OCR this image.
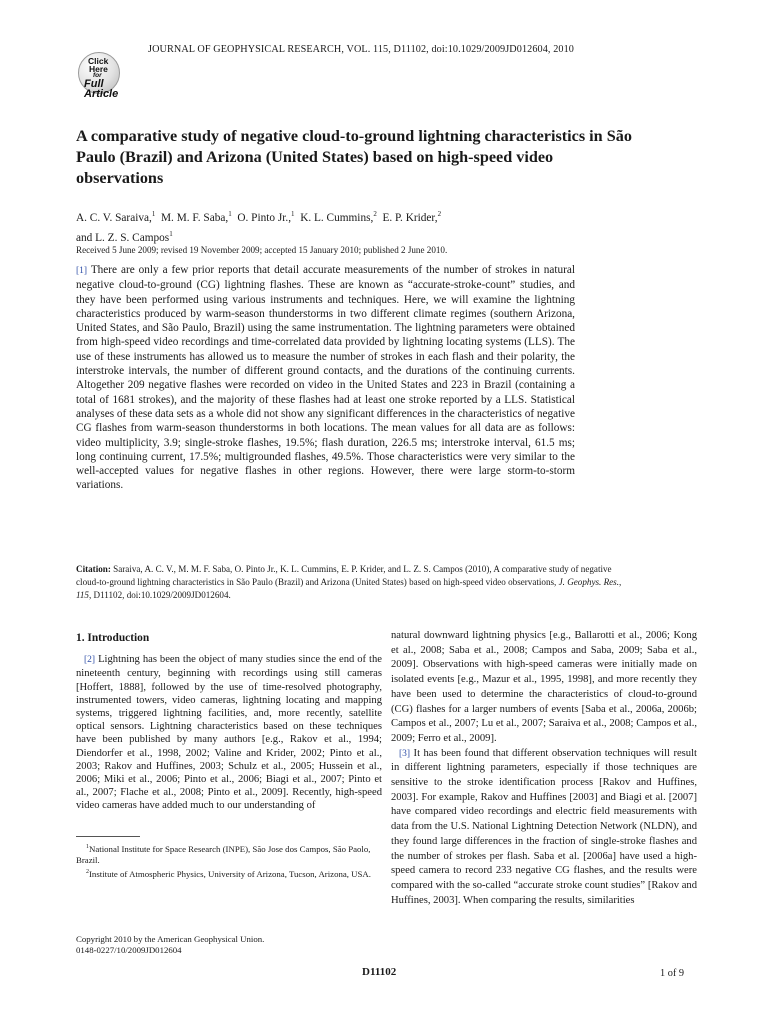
JOURNAL OF GEOPHYSICAL RESEARCH, VOL. 115, D11102, doi:10.1029/2009JD012604, 2010
Click
Here
for
Full
Article
A comparative study of negative cloud-to-ground lightning characteristics in São Paulo (Brazil) and Arizona (United States) based on high-speed video observations
A. C. V. Saraiva,$^1$ M. M. F. Saba,$^1$ O. Pinto Jr.,$^1$ K. L. Cummins,$^2$ E. P. Krider,$^2$
and L. Z. S. Campos$^1$
Received 5 June 2009; revised 19 November 2009; accepted 15 January 2010; published 2 June 2010.
[1] There are only a few prior reports that detail accurate measurements of the number of strokes in natural negative cloud-to-ground (CG) lightning flashes. These are known as “accurate-stroke-count” studies, and they have been performed using various instruments and techniques. Here, we will examine the lightning characteristics produced by warm-season thunderstorms in two different climate regimes (southern Arizona, United States, and São Paulo, Brazil) using the same instrumentation. The lightning parameters were obtained from high-speed video recordings and time-correlated data provided by lightning locating systems (LLS). The use of these instruments has allowed us to measure the number of strokes in each flash and their polarity, the interstroke intervals, the number of different ground contacts, and the durations of the continuing currents. Altogether 209 negative flashes were recorded on video in the United States and 223 in Brazil (containing a total of 1681 strokes), and the majority of these flashes had at least one stroke reported by a LLS. Statistical analyses of these data sets as a whole did not show any significant differences in the characteristics of negative CG flashes from warm-season thunderstorms in both locations. The mean values for all data are as follows: video multiplicity, 3.9; single-stroke flashes, 19.5%; flash duration, 226.5 ms; interstroke interval, 61.5 ms; long continuing current, 17.5%; multigrounded flashes, 49.5%. Those characteristics were very similar to the well-accepted values for negative flashes in other regions. However, there were large storm-to-storm variations.
Citation: Saraiva, A. C. V., M. M. F. Saba, O. Pinto Jr., K. L. Cummins, E. P. Krider, and L. Z. S. Campos (2010), A comparative study of negative cloud-to-ground lightning characteristics in São Paulo (Brazil) and Arizona (United States) based on high-speed video observations, J. Geophys. Res., 115, D11102, doi:10.1029/2009JD012604.
1. Introduction

[2] Lightning has been the object of many studies since the end of the nineteenth century, beginning with recordings using still cameras [Hoffert, 1888], followed by the use of time-resolved photography, instrumented towers, video cameras, lightning locating and mapping systems, triggered lightning facilities, and, more recently, satellite optical sensors. Lightning characteristics based on these techniques have been published by many authors [e.g., Rakov et al., 1994; Diendorfer et al., 1998, 2002; Valine and Krider, 2002; Pinto et al., 2003; Rakov and Huffines, 2003; Schulz et al., 2005; Hussein et al., 2006; Miki et al., 2006; Pinto et al., 2006; Biagi et al., 2007; Pinto et al., 2007; Flache et al., 2008; Pinto et al., 2009]. Recently, high-speed video cameras have added much to our understanding of

$^1$National Institute for Space Research (INPE), São Jose dos Campos, São Paolo, Brazil.
$^2$Institute of Atmospheric Physics, University of Arizona, Tucson, Arizona, USA.
Copyright 2010 by the American Geophysical Union.
0148-0227/10/2009JD012604

natural downward lightning physics [e.g., Ballarotti et al., 2006; Kong et al., 2008; Saba et al., 2008; Campos and Saba, 2009; Saba et al., 2009]. Observations with high-speed cameras were initially made on isolated events [e.g., Mazur et al., 1995, 1998], and more recently they have been used to determine the characteristics of cloud-to-ground (CG) flashes for a larger numbers of events [Saba et al., 2006a, 2006b; Campos et al., 2007; Lu et al., 2007; Saraiva et al., 2008; Campos et al., 2009; Ferro et al., 2009].

[3] It has been found that different observation techniques will result in different lightning parameters, especially if those techniques are sensitive to the stroke identification process [Rakov and Huffines, 2003]. For example, Rakov and Huffines [2003] and Biagi et al. [2007] have compared video recordings and electric field measurements with data from the U.S. National Lightning Detection Network (NLDN), and they found large differences in the fraction of single-stroke flashes and the number of strokes per flash. Saba et al. [2006a] have used a high-speed camera to record 233 negative CG flashes, and the results were compared with the so-called “accurate stroke count studies” [Rakov and Huffines, 2003]. When comparing the results, similarities

D11102	1 of 9
